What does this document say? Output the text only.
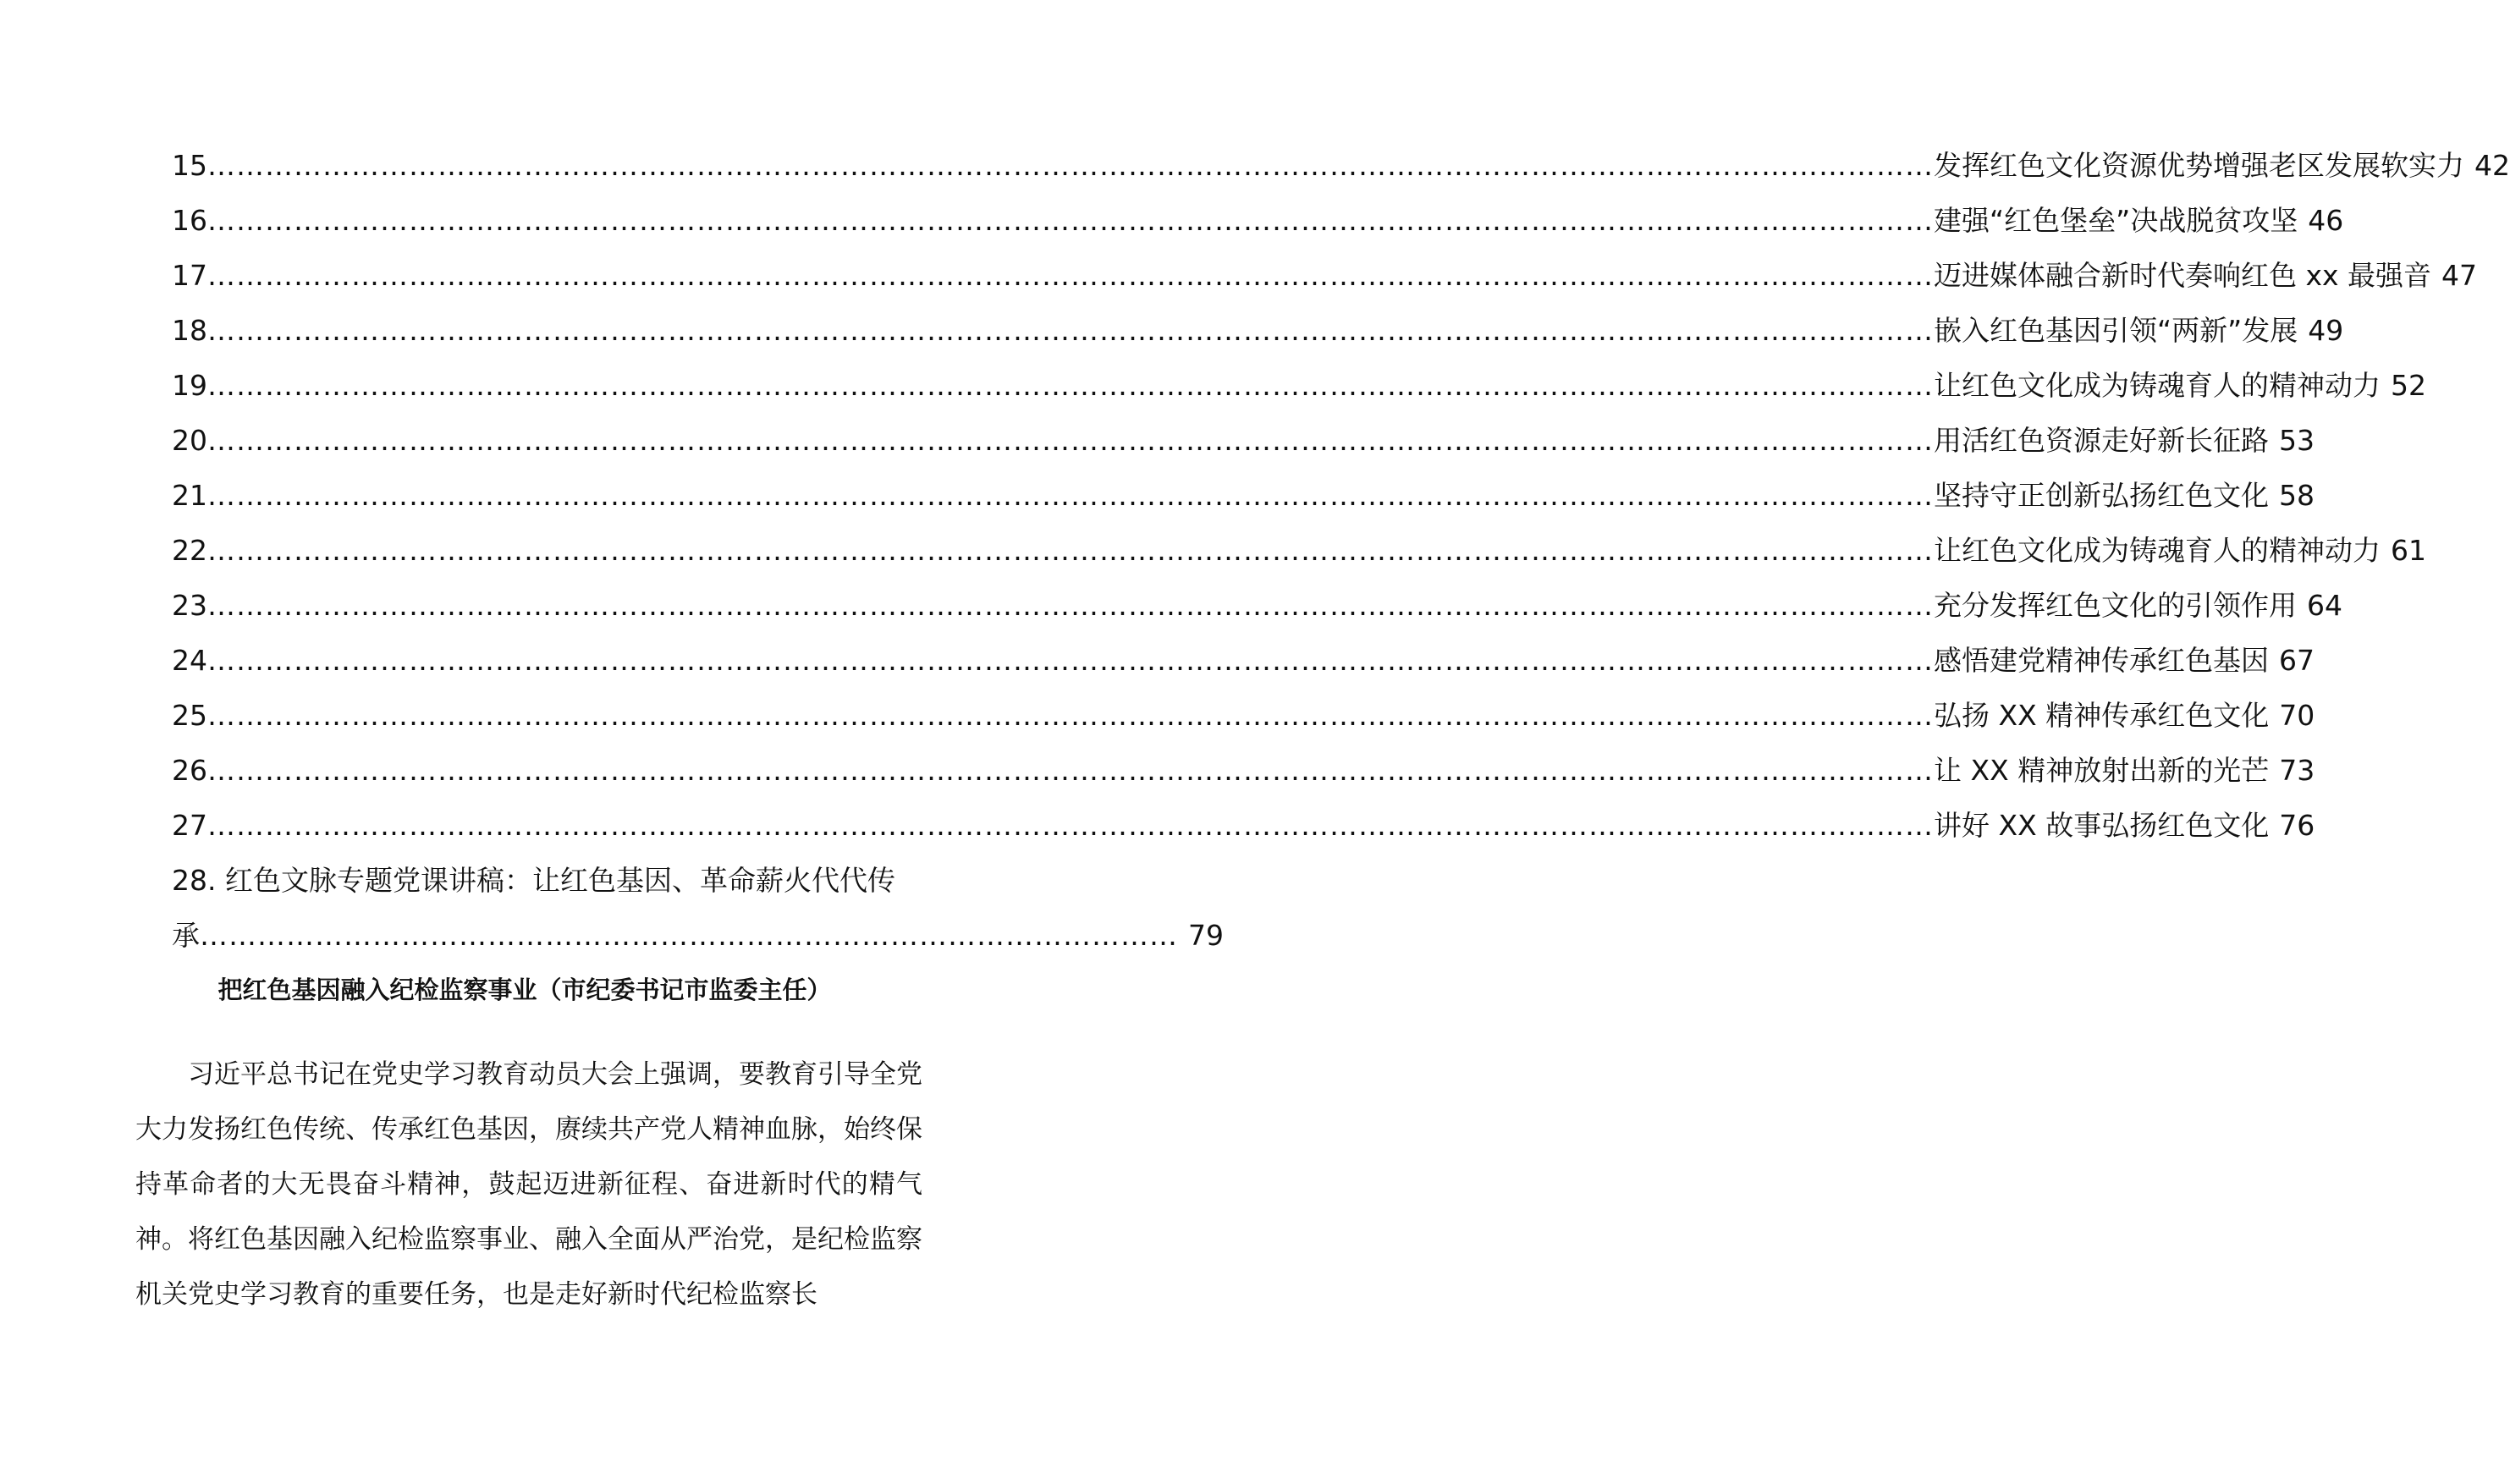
15 ……………………………………………………………………………………………………………………………………………………………… 发挥红色文化资源优势增强老区发展软实力 42
16 ……………………………………………………………………………………………………………………………………………………………… 建强“红色堡垒”决战脱贫攻坚 46
17 ……………………………………………………………………………………………………………………………………………………………… 迈进媒体融合新时代奏响红色 xx 最强音 47
18 ……………………………………………………………………………………………………………………………………………………………… 嵌入红色基因引领“两新”发展 49
19 ……………………………………………………………………………………………………………………………………………………………… 让红色文化成为铸魂育人的精神动力 52
20 ……………………………………………………………………………………………………………………………………………………………… 用活红色资源走好新长征路 53
21 ……………………………………………………………………………………………………………………………………………………………… 坚持守正创新弘扬红色文化 58
22 ……………………………………………………………………………………………………………………………………………………………… 让红色文化成为铸魂育人的精神动力 61
23 ……………………………………………………………………………………………………………………………………………………………… 充分发挥红色文化的引领作用 64
24 ……………………………………………………………………………………………………………………………………………………………… 感悟建党精神传承红色基因 67
25 ……………………………………………………………………………………………………………………………………………………………… 弘扬 XX 精神传承红色文化 70
26 ……………………………………………………………………………………………………………………………………………………………… 让 XX 精神放射出新的光芒 73
27 ……………………………………………………………………………………………………………………………………………………………… 讲好 XX 故事弘扬红色文化 76
28. 红色文脉专题党课讲稿：让红色基因、革命薪火代代传
承 ………………………………………………………………………………………… 79
把红色基因融入纪检监察事业（市纪委书记市监委主任）

习近平总书记在党史学习教育动员大会上强调，要教育引导全党大力发扬红色传统、传承红色基因，赓续共产党人精神血脉，始终保持革命者的大无畏奋斗精神，鼓起迈进新征程、奋进新时代的精气神。将红色基因融入纪检监察事业、融入全面从严治党，是纪检监察机关党史学习教育的重要任务，也是走好新时代纪检监察长
